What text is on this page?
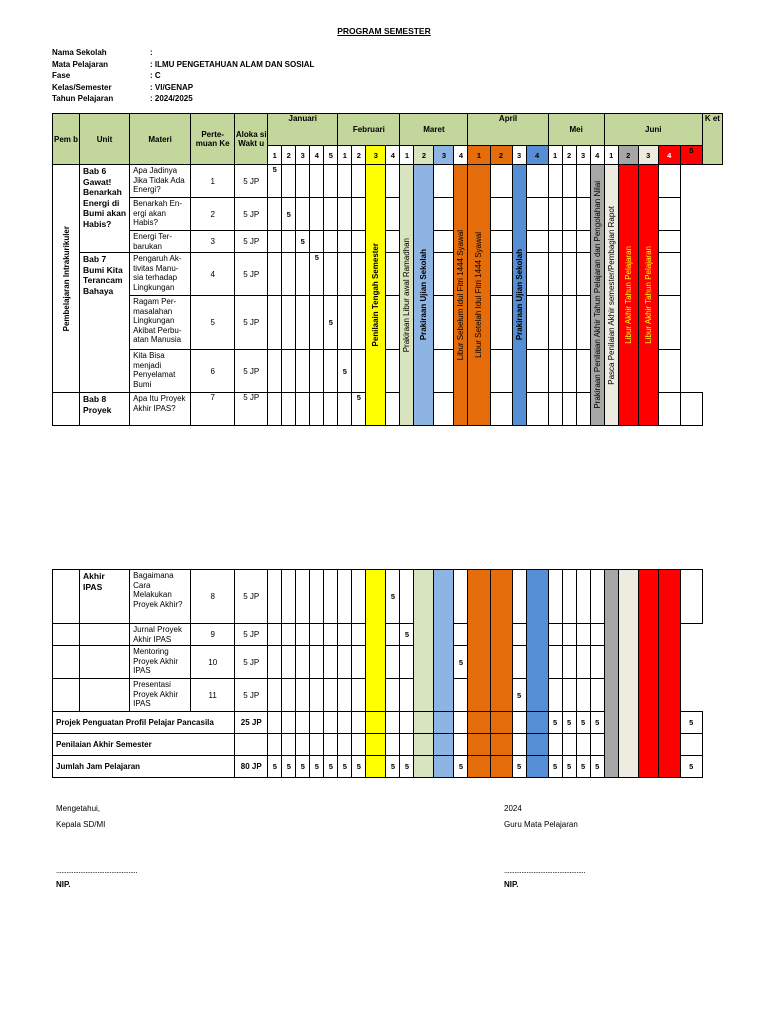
PROGRAM SEMESTER
Nama Sekolah	:
Mata Pelajaran	: ILMU PENGETAHUAN ALAM DAN SOSIAL
Fase	: C
Kelas/Semester	: VI/GENAP
Tahun Pelajaran	: 2024/2025
Pem b	Unit	Materi	Perte- muan Ke	Aloka si Wakt u	Januari					Februari				Maret				April				Mei				Juni					K et
					1	2	3	4	5	1	2	3	4	1	2	3	4	1	2	3	4	1	2	3	4	1	2	3	4	5	

Pembelajaran Intrakurikuler	Bab 6 Gawat! Benarkah Energi di Bumi akan Habis?	Apa Jadinya Jika Tidak Ada Energi?	1	5 JP	5							Penilaain Tengah Semester		Prakiraan Libur awal Ramadhan	Prakiraan Ujian Sekolah		Libur Sebelum Idul Fitri 1444 Syawal	Libur Setelah Idul Fitri 1444 Syawal		Prakiraan Ujian Sekolah					Prakiraan Penilaian Akhir Tahun Pelajaran dan Pengolahan Nilai	Pasca Penilaian Akhir semester/Pembagian Rapot	Libur Akhir Tahun Pelajaran	Libur Akhir Tahun Pelajaran			

		Benarkah En- ergi akan Habis?	2	5 JP		5																									
		Energi Ter- barukan	3	5 JP			5																								
	Bab 7 Bumi Kita Terancam Bahaya	Pengaruh Ak- tivitas Manu- sia terhadap Lingkungan	4	5 JP				5																							
		Ragam Per- masalahan Lingkungan Akibat Perbu- atan Manusia	5	5 JP					5																						
		Kita Bisa menjadi Penyelamat Bumi	6	5 JP						5																					
	Bab 8 Proyek	Apa Itu Proyek Akhir IPAS?	7	5 JP							5																				
	Akhir IPAS	Bagaimana Cara Melakukan Proyek Akhir?	8	5 JP									5																	
		Jurnal Proyek Akhir IPAS	9	5 JP										5																
		Mentoring Proyek Akhir IPAS	10	5 JP													5													
		Presentasi Proyek Akhir IPAS	11	5 JP																5										
Projek Penguatan Profil Pelajar Pancasila				25 JP																		5	5	5	5					5
Penilaian Akhir Semester																														
Jumlah Jam Pelajaran				80 JP	5	5	5	5	5	5	5		5	5			5			5		5	5	5	5					5
Mengetahui,
Kepala SD/MI
2024
Guru Mata Pelajaran
...............................................	...............................................
NIP.	NIP.
